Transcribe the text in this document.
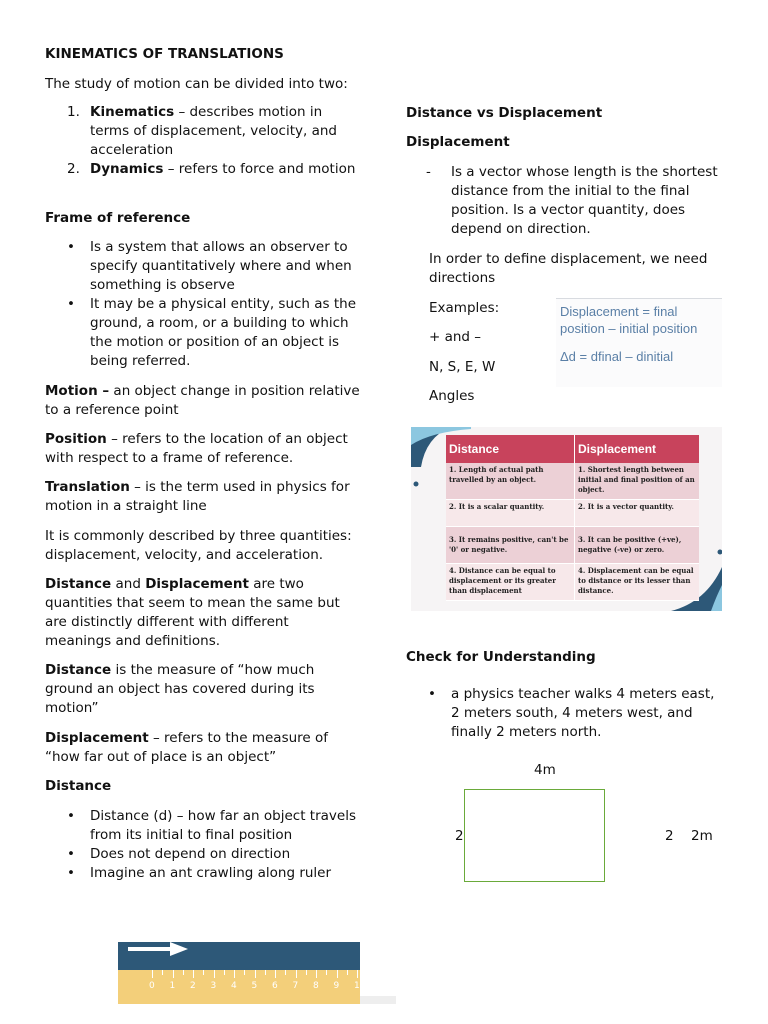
KINEMATICS OF TRANSLATIONS

The study of motion can be divided into two:

1. Kinematics – describes motion in terms of displacement, velocity, and acceleration
2. Dynamics – refers to force and motion

Frame of reference

• Is a system that allows an observer to specify quantitatively where and when something is observe
• It may be a physical entity, such as the ground, a room, or a building to which the motion or position of an object is being referred.

Motion – an object change in position relative to a reference point

Position – refers to the location of an object with respect to a frame of reference.

Translation – is the term used in physics for motion in a straight line

It is commonly described by three quantities: displacement, velocity, and acceleration.

Distance and Displacement are two quantities that seem to mean the same but are distinctly different with different meanings and definitions.

Distance is the measure of “how much ground an object has covered during its motion”

Displacement – refers to the measure of “how far out of place is an object”

Distance

• Distance (d) – how far an object travels from its initial to final position
• Does not depend on direction
• Imagine an ant crawling along ruler
0 1 2 3 4 5 6 7 8 9 1

Distance vs Displacement

Displacement

- Is a vector whose length is the shortest distance from the initial to the final position. Is a vector quantity, does depend on direction.

In order to define displacement, we need directions

Examples:

+ and –

N, S, E, W

Angles

Displacement = final position – initial position

Δd = dfinal – dinitial

Distance	Displacement
1. Length of actual path travelled by an object.	1. Shortest length between initial and final position of an object.
2. It is a scalar quantity.	2. It is a vector quantity.
3. It remains positive, can't be '0' or negative.	3. It can be positive (+ve), negative (-ve) or zero.
4. Distance can be equal to displacement or its greater than displacement	4. Displacement can be equal to distance or its lesser than distance.

Check for Understanding

• a physics teacher walks 4 meters east, 2 meters south, 4 meters west, and finally 2 meters north.

4m

2	2 2m
